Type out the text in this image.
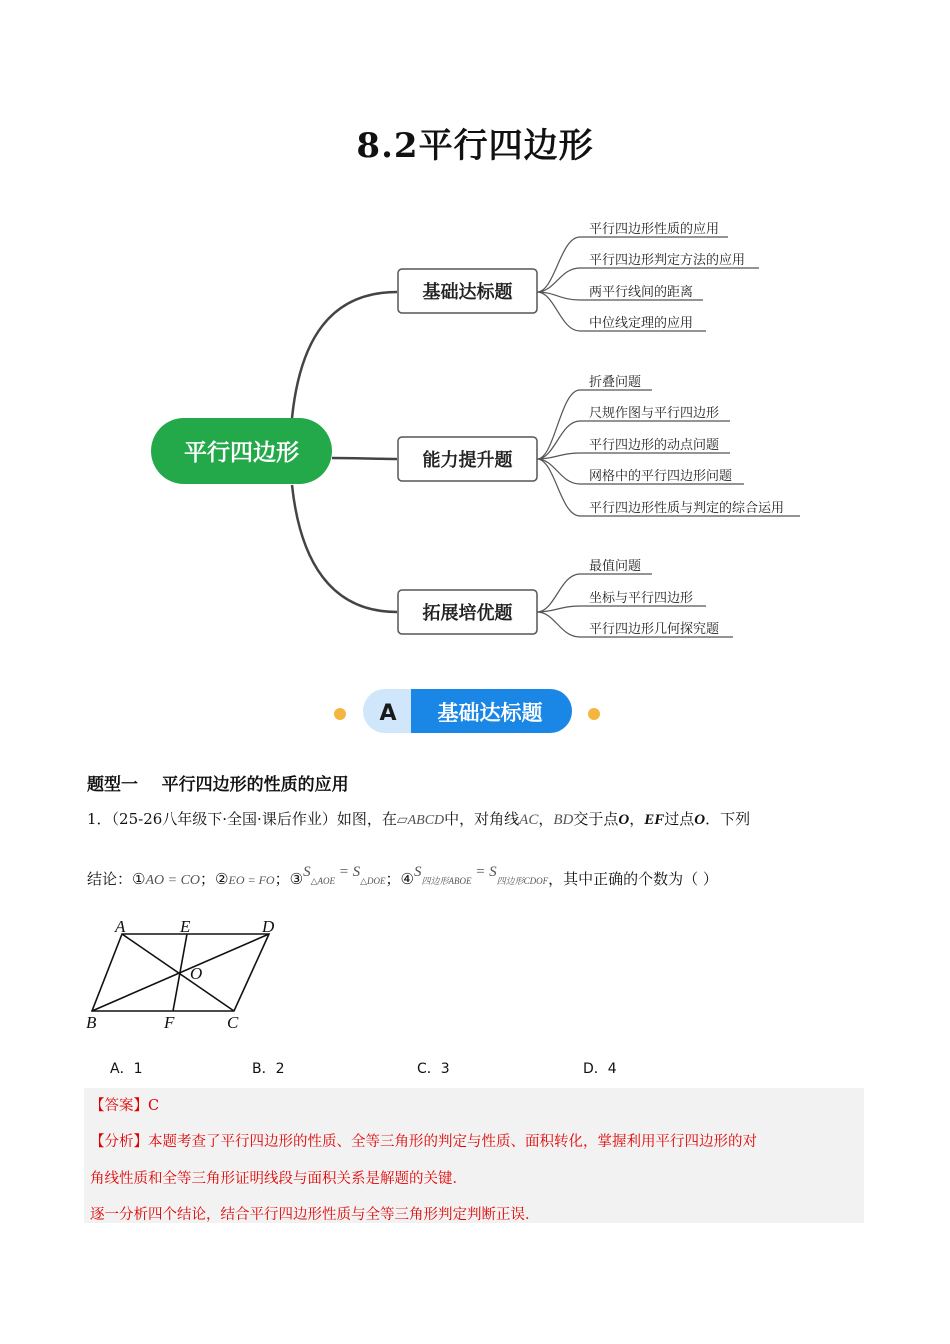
8.2平行四边形
平行四边形
基础达标题
平行四边形性质的应用
平行四边形判定方法的应用
两平行线间的距离
中位线定理的应用
能力提升题
折叠问题
尺规作图与平行四边形
平行四边形的动点问题
网格中的平行四边形问题
平行四边形性质与判定的综合运用
拓展培优题
最值问题
坐标与平行四边形
平行四边形几何探究题
A 基础达标题
题型一    平行四边形的性质的应用
1．（25-26八年级下·全国·课后作业）如图，在▱ABCD中，对角线AC，BD交于点O，EF过点O．下列
结论：①AO = CO；②EO = FO；③S△AOE = S△DOE；④S四边形ABOE = S四边形CDOF，其中正确的个数为（ ）
A	E	D
O
B	F	C
A．1	B．2	C．3	D．4
【答案】C
【分析】本题考查了平行四边形的性质、全等三角形的判定与性质、面积转化，掌握利用平行四边形的对
角线性质和全等三角形证明线段与面积关系是解题的关键．
逐一分析四个结论，结合平行四边形性质与全等三角形判定判断正误．
